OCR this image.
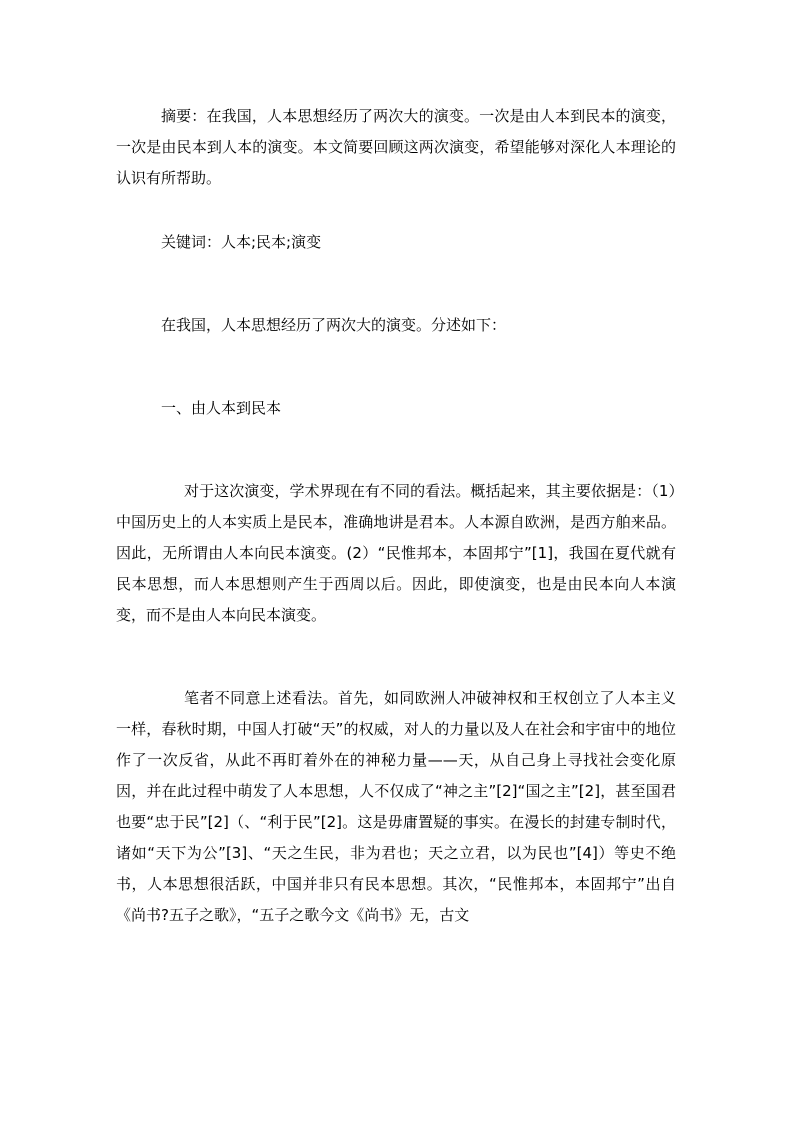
摘要：在我国，人本思想经历了两次大的演变。一次是由人本到民本的演变，一次是由民本到人本的演变。本文简要回顾这两次演变，希望能够对深化人本理论的认识有所帮助。

关键词：人本;民本;演变

在我国，人本思想经历了两次大的演变。分述如下：

一、由人本到民本

对于这次演变，学术界现在有不同的看法。概括起来，其主要依据是：（1）中国历史上的人本实质上是民本，准确地讲是君本。人本源自欧洲，是西方舶来品。因此，无所谓由人本向民本演变。(2）“民惟邦本，本固邦宁”[1]，我国在夏代就有民本思想，而人本思想则产生于西周以后。因此，即使演变，也是由民本向人本演变，而不是由人本向民本演变。

笔者不同意上述看法。首先，如同欧洲人冲破神权和王权创立了人本主义一样，春秋时期，中国人打破“天”的权威，对人的力量以及人在社会和宇宙中的地位作了一次反省，从此不再盯着外在的神秘力量——天，从自己身上寻找社会变化原因，并在此过程中萌发了人本思想，人不仅成了“神之主”[2]“国之主”[2]，甚至国君也要“忠于民”[2]（、“利于民”[2]。这是毋庸置疑的事实。在漫长的封建专制时代，诸如“天下为公”[3]、“天之生民，非为君也；天之立君，以为民也”[4]）等史不绝书，人本思想很活跃，中国并非只有民本思想。其次，“民惟邦本，本固邦宁”出自《尚书?五子之歌》，“五子之歌今文《尚书》无，古文
